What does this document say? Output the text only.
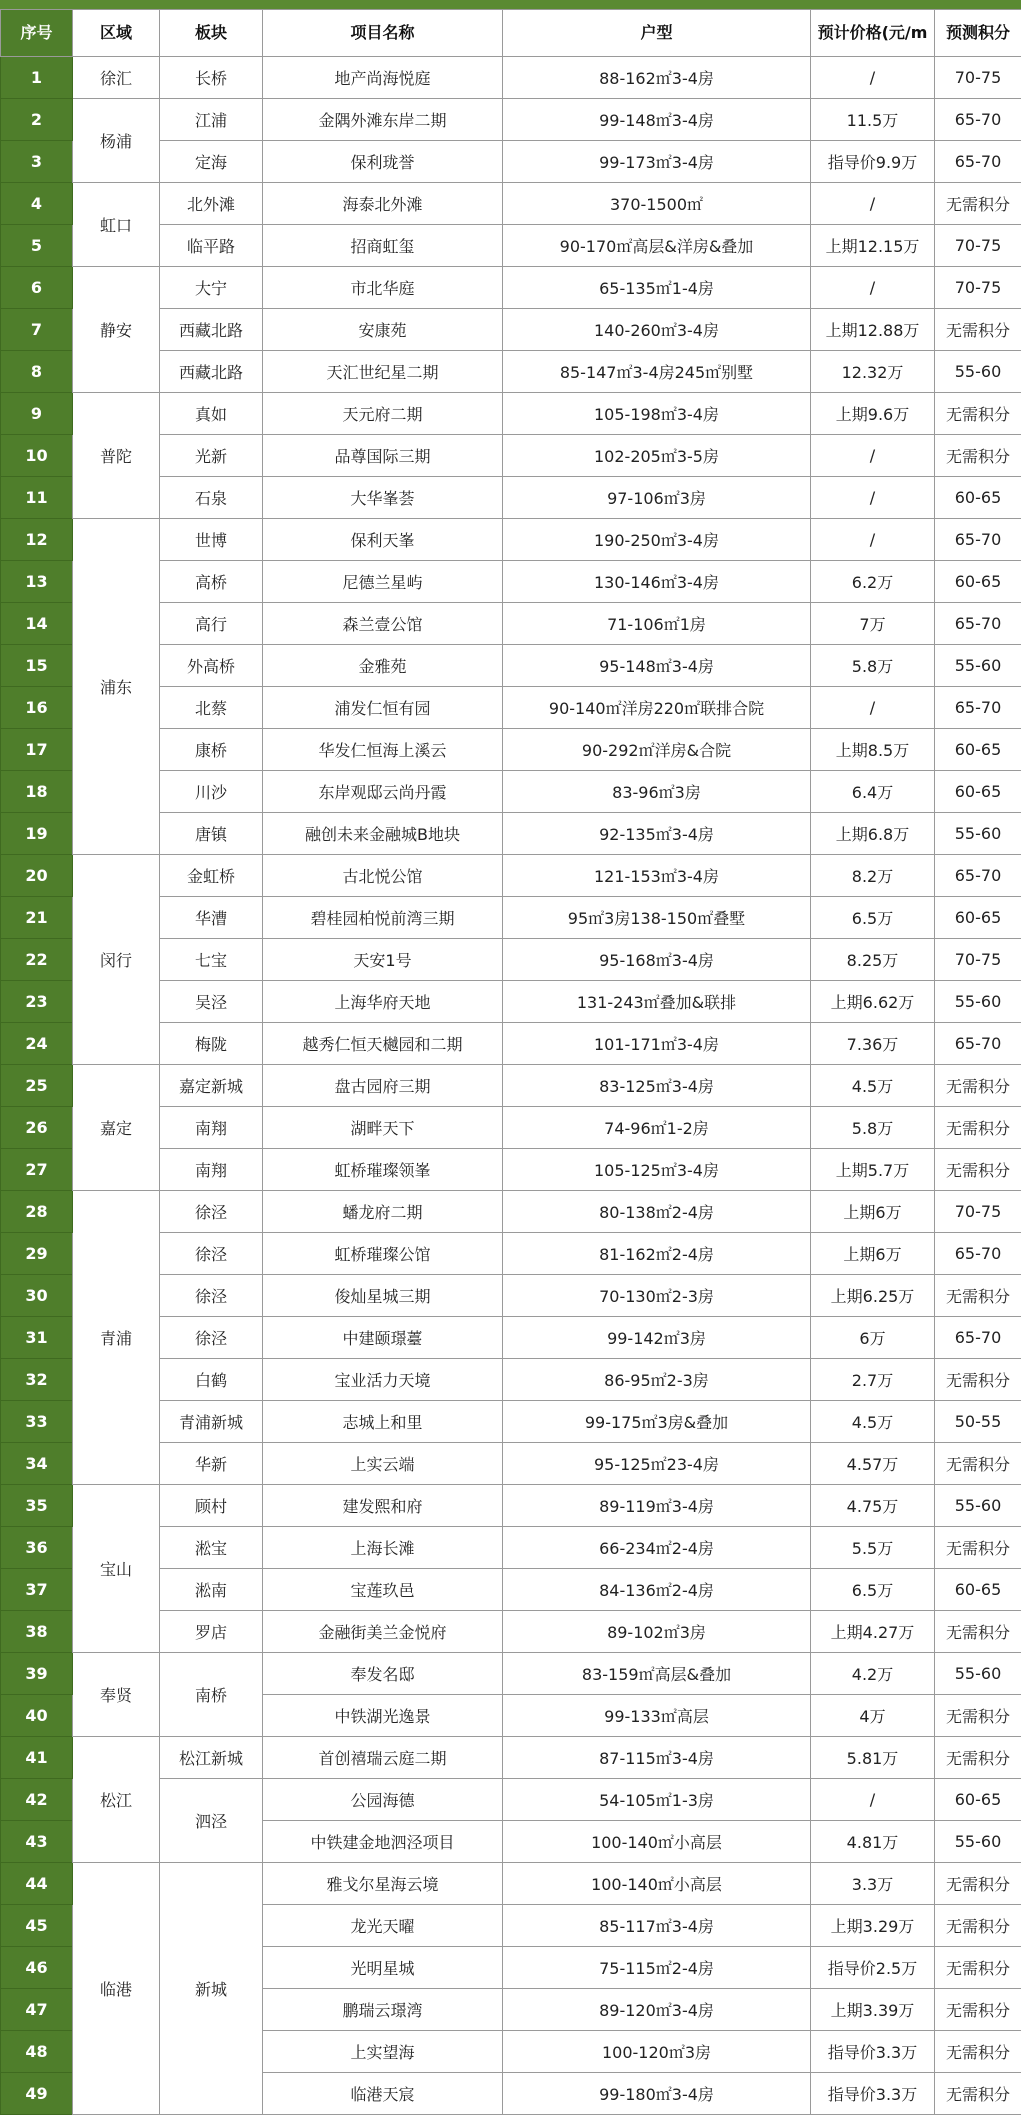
序号	区域	板块	项目名称	户型	预计价格(元/m	预测积分
1	徐汇	长桥	地产尚海悦庭	88-162㎡3-4房	/	70-75
2	杨浦	江浦	金隅外滩东岸二期	99-148㎡3-4房	11.5万	65-70
3		定海	保利珑誉	99-173㎡3-4房	指导价9.9万	65-70
4	虹口	北外滩	海泰北外滩	370-1500㎡	/	无需积分
5		临平路	招商虹玺	90-170㎡高层&洋房&叠加	上期12.15万	70-75
6	静安	大宁	市北华庭	65-135㎡1-4房	/	70-75
7		西藏北路	安康苑	140-260㎡3-4房	上期12.88万	无需积分
8		西藏北路	天汇世纪星二期	85-147㎡3-4房245㎡别墅	12.32万	55-60
9	普陀	真如	天元府二期	105-198㎡3-4房	上期9.6万	无需积分
10		光新	品尊国际三期	102-205㎡3-5房	/	无需积分
11		石泉	大华峯荟	97-106㎡3房	/	60-65
12	浦东	世博	保利天峯	190-250㎡3-4房	/	65-70
13		高桥	尼德兰星屿	130-146㎡3-4房	6.2万	60-65
14		高行	森兰壹公馆	71-106㎡1房	7万	65-70
15		外高桥	金雅苑	95-148㎡3-4房	5.8万	55-60
16		北蔡	浦发仁恒有园	90-140㎡洋房220㎡联排合院	/	65-70
17		康桥	华发仁恒海上溪云	90-292㎡洋房&合院	上期8.5万	60-65
18		川沙	东岸观邸云尚丹霞	83-96㎡3房	6.4万	60-65
19		唐镇	融创未来金融城B地块	92-135㎡3-4房	上期6.8万	55-60
20	闵行	金虹桥	古北悦公馆	121-153㎡3-4房	8.2万	65-70
21		华漕	碧桂园柏悦前湾三期	95㎡3房138-150㎡叠墅	6.5万	60-65
22		七宝	天安1号	95-168㎡3-4房	8.25万	70-75
23		吴泾	上海华府天地	131-243㎡叠加&联排	上期6.62万	55-60
24		梅陇	越秀仁恒天樾园和二期	101-171㎡3-4房	7.36万	65-70
25	嘉定	嘉定新城	盘古园府三期	83-125㎡3-4房	4.5万	无需积分
26		南翔	湖畔天下	74-96㎡1-2房	5.8万	无需积分
27		南翔	虹桥璀璨领峯	105-125㎡3-4房	上期5.7万	无需积分
28	青浦	徐泾	蟠龙府二期	80-138㎡2-4房	上期6万	70-75
29		徐泾	虹桥璀璨公馆	81-162㎡2-4房	上期6万	65-70
30		徐泾	俊灿星城三期	70-130㎡2-3房	上期6.25万	无需积分
31		徐泾	中建颐璟薹	99-142㎡3房	6万	65-70
32		白鹤	宝业活力天境	86-95㎡2-3房	2.7万	无需积分
33		青浦新城	志城上和里	99-175㎡3房&叠加	4.5万	50-55
34		华新	上实云端	95-125㎡23-4房	4.57万	无需积分
35	宝山	顾村	建发熙和府	89-119㎡3-4房	4.75万	55-60
36		淞宝	上海长滩	66-234㎡2-4房	5.5万	无需积分
37		淞南	宝莲玖邑	84-136㎡2-4房	6.5万	60-65
38		罗店	金融街美兰金悦府	89-102㎡3房	上期4.27万	无需积分
39	奉贤	南桥	奉发名邸	83-159㎡高层&叠加	4.2万	55-60
40			中铁湖光逸景	99-133㎡高层	4万	无需积分
41	松江	松江新城	首创禧瑞云庭二期	87-115㎡3-4房	5.81万	无需积分
42		泗泾	公园海德	54-105㎡1-3房	/	60-65
43			中铁建金地泗泾项目	100-140㎡小高层	4.81万	55-60
44	临港	新城	雅戈尔星海云境	100-140㎡小高层	3.3万	无需积分
45			龙光天曜	85-117㎡3-4房	上期3.29万	无需积分
46			光明星城	75-115㎡2-4房	指导价2.5万	无需积分
47			鹏瑞云璟湾	89-120㎡3-4房	上期3.39万	无需积分
48			上实望海	100-120㎡3房	指导价3.3万	无需积分
49			临港天宸	99-180㎡3-4房	指导价3.3万	无需积分
